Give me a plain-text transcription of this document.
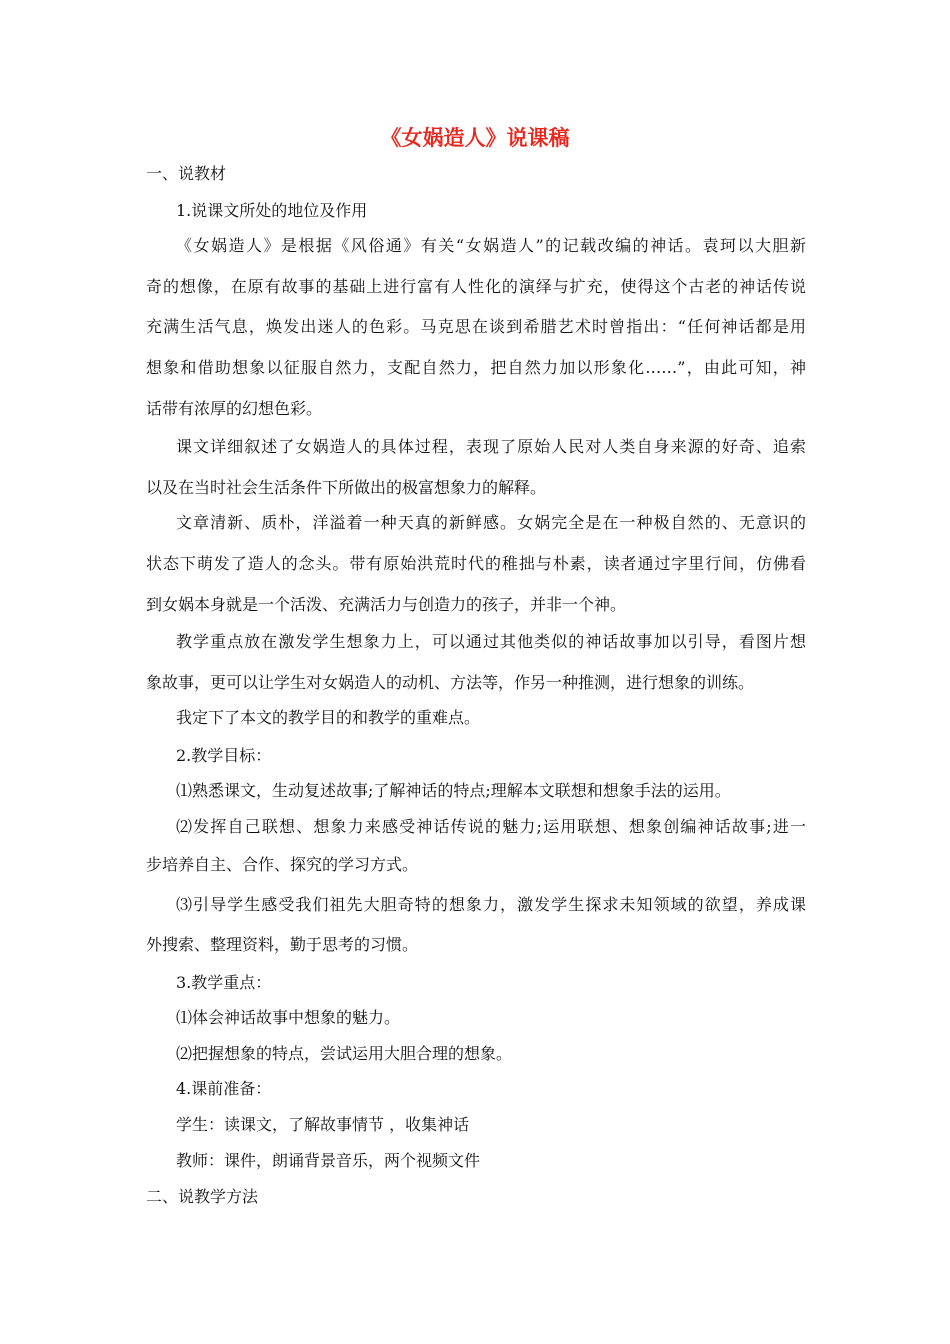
《女娲造人》说课稿
一、说教材
1.说课文所处的地位及作用
《女娲造人》是根据《风俗通》有关“女娲造人”的记载改编的神话。袁珂以大胆新
奇的想像，在原有故事的基础上进行富有人性化的演绎与扩充，使得这个古老的神话传说
充满生活气息，焕发出迷人的色彩。马克思在谈到希腊艺术时曾指出：“任何神话都是用
想象和借助想象以征服自然力，支配自然力，把自然力加以形象化……”，由此可知，神
话带有浓厚的幻想色彩。
课文详细叙述了女娲造人的具体过程，表现了原始人民对人类自身来源的好奇、追索
以及在当时社会生活条件下所做出的极富想象力的解释。
文章清新、质朴，洋溢着一种天真的新鲜感。女娲完全是在一种极自然的、无意识的
状态下萌发了造人的念头。带有原始洪荒时代的稚拙与朴素，读者通过字里行间，仿佛看
到女娲本身就是一个活泼、充满活力与创造力的孩子，并非一个神。
教学重点放在激发学生想象力上，可以通过其他类似的神话故事加以引导，看图片想
象故事，更可以让学生对女娲造人的动机、方法等，作另一种推测，进行想象的训练。
我定下了本文的教学目的和教学的重难点。
2.教学目标：
⑴熟悉课文，生动复述故事;了解神话的特点;理解本文联想和想象手法的运用。
⑵发挥自己联想、想象力来感受神话传说的魅力;运用联想、想象创编神话故事;进一
步培养自主、合作、探究的学习方式。
⑶引导学生感受我们祖先大胆奇特的想象力，激发学生探求未知领域的欲望，养成课
外搜索、整理资料，勤于思考的习惯。
3.教学重点：
⑴体会神话故事中想象的魅力。
⑵把握想象的特点，尝试运用大胆合理的想象。
4.课前准备：
学生：读课文，了解故事情节 ，收集神话
教师：课件，朗诵背景音乐，两个视频文件
二、说教学方法
